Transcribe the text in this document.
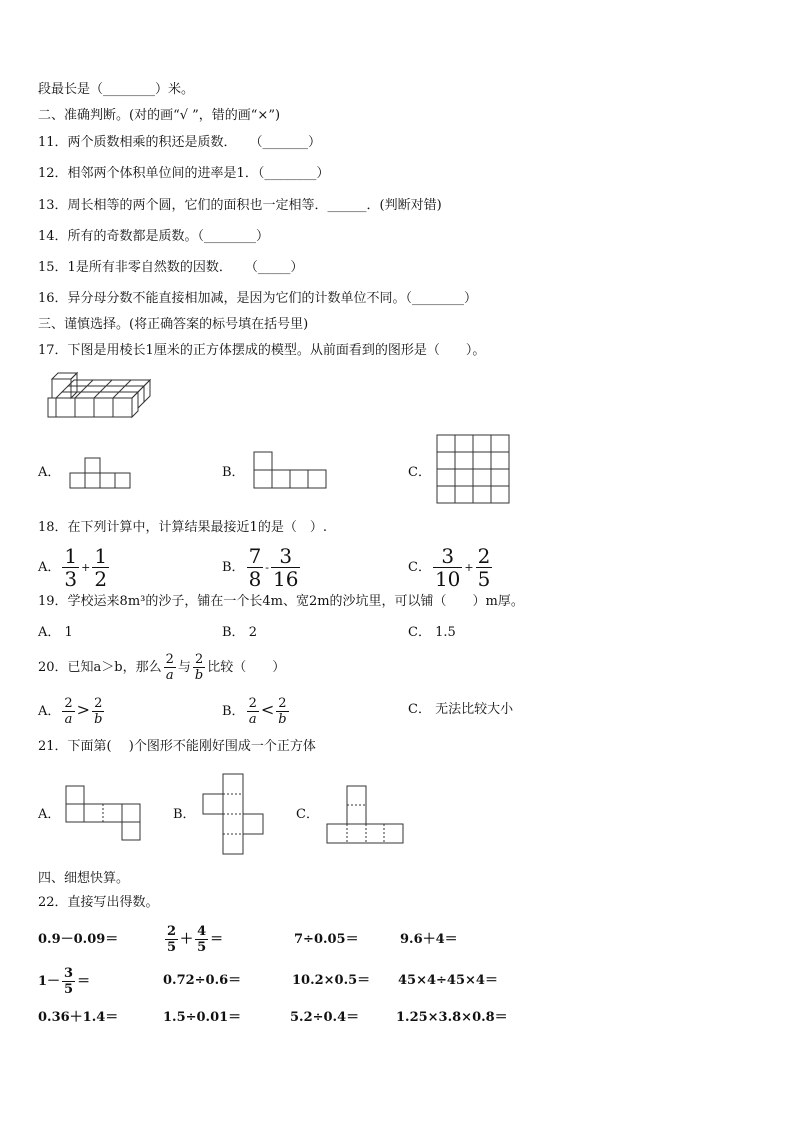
段最长是（________）米。
二、准确判断。(对的画“√ ”，错的画“×”)
11．两个质数相乘的积还是质数．　　（_______）
12．相邻两个体积单位间的进率是1．（________）
13．周长相等的两个圆，它们的面积也一定相等．______．(判断对错)
14．所有的奇数都是质数。（________）
15．1是所有非零自然数的因数．　　（_____）
16．异分母分数不能直接相加减，是因为它们的计数单位不同。（________）
三、谨慎选择。(将正确答案的标号填在括号里)
17．下图是用棱长1厘米的正方体摆成的模型。从前面看到的图形是（　　）。
A．	B．	C．
18．在下列计算中，计算结果最接近1的是（　）.
A． $\frac{1}{3} + \frac{1}{2}$	B． $\frac{7}{8} - \frac{3}{16}$	C． $\frac{3}{10} + \frac{2}{5}$
19．学校运来8m³的沙子，铺在一个长4m、宽2m的沙坑里，可以铺（　　）m厚。
A． 1	B． 2	C． 1.5
20．已知a＞b，那么 $\frac{2}{a}$ 与 $\frac{2}{b}$ 比较（　　）
A． $\frac{2}{a} > \frac{2}{b}$	B． $\frac{2}{a} < \frac{2}{b}$	C． 无法比较大小
21．下面第(　 )个图形不能刚好围成一个正方体
A．	B．	C．
四、细想快算。
22．直接写出得数。
0.9－0.09＝	$\frac{2}{5} + \frac{4}{5}$ ＝	7÷0.05＝	9.6＋4＝
$1- \frac{3}{5}$ ＝	0.72÷0.6＝	10.2×0.5＝ 45×4÷45×4＝
0.36＋1.4＝	1.5÷0.01＝	5.2÷0.4＝	1.25×3.8×0.8＝
